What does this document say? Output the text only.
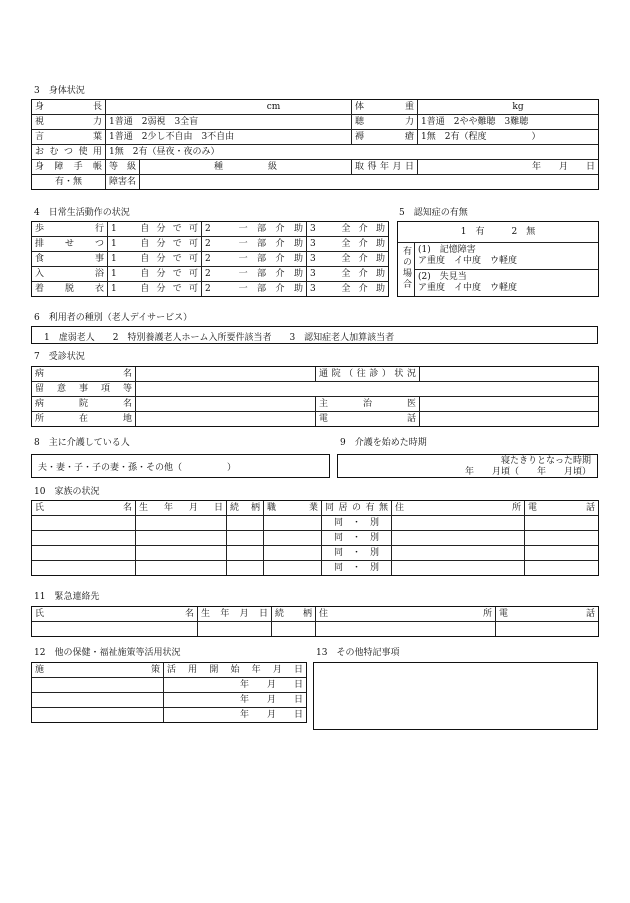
3　身体状況
身　　　長	cm		体　　　重	kg
視　　　力	1普通　2弱視　3全盲		聴　　　力	1普通　2やや難聴　3難聴
言　　　葉	1普通　2少し不自由　3不自由		褥　　　瘡	1無　2有（程度　　　　　）
おむつ使用	1無　2有（昼夜・夜のみ）			
身障手帳	等級	種　　　　　級	取得年月日	年　　月　　日
有・無	障害名			
4　日常生活動作の状況
歩　　　行	1　自分で可	2　一部介助	3　全介助
排　せ　つ	1　自分で可	2　一部介助	3　全介助
食　　　事	1　自分で可	2　一部介助	3　全介助
入　　　浴	1　自分で可	2　一部介助	3　全介助
着　脱　衣	1　自分で可	2　一部介助	3　全介助
5　認知症の有無
1　有　　　2　無
有の場合	(1)　記憶障害
ア重度　イ中度　ウ軽度

(2)　失見当
ア重度　イ中度　ウ軽度
6　利用者の種別（老人デイサービス）
1　虚弱老人　　2　特別養護老人ホーム入所要件該当者　　3　認知症老人加算該当者
7　受診状況
病　　　　名		通院（往診）状況	
留意事項等			
病　院　名		主　治　医	
所　在　地		電　　　話	
8　主に介護している人
夫・妻・子・子の妻・孫・その他（　　　　　）
9　介護を始めた時期
寝たきりとなった時期
年　　月頃（　　年　　月頃）
10　家族の状況
氏　　　名	生年月日	続柄	職業	同居の有無	住　　　所	電　　話
				同　・　別		
				同　・　別		
				同　・　別		
				同　・　別		
11　緊急連絡先
氏　　　名	生年月日	続柄	住　　　所	電　　話

12　他の保健・福祉施策等活用状況
施　　策	活用開始年月日
	年　　月　　日
	年　　月　　日
	年　　月　　日
13　その他特記事項
